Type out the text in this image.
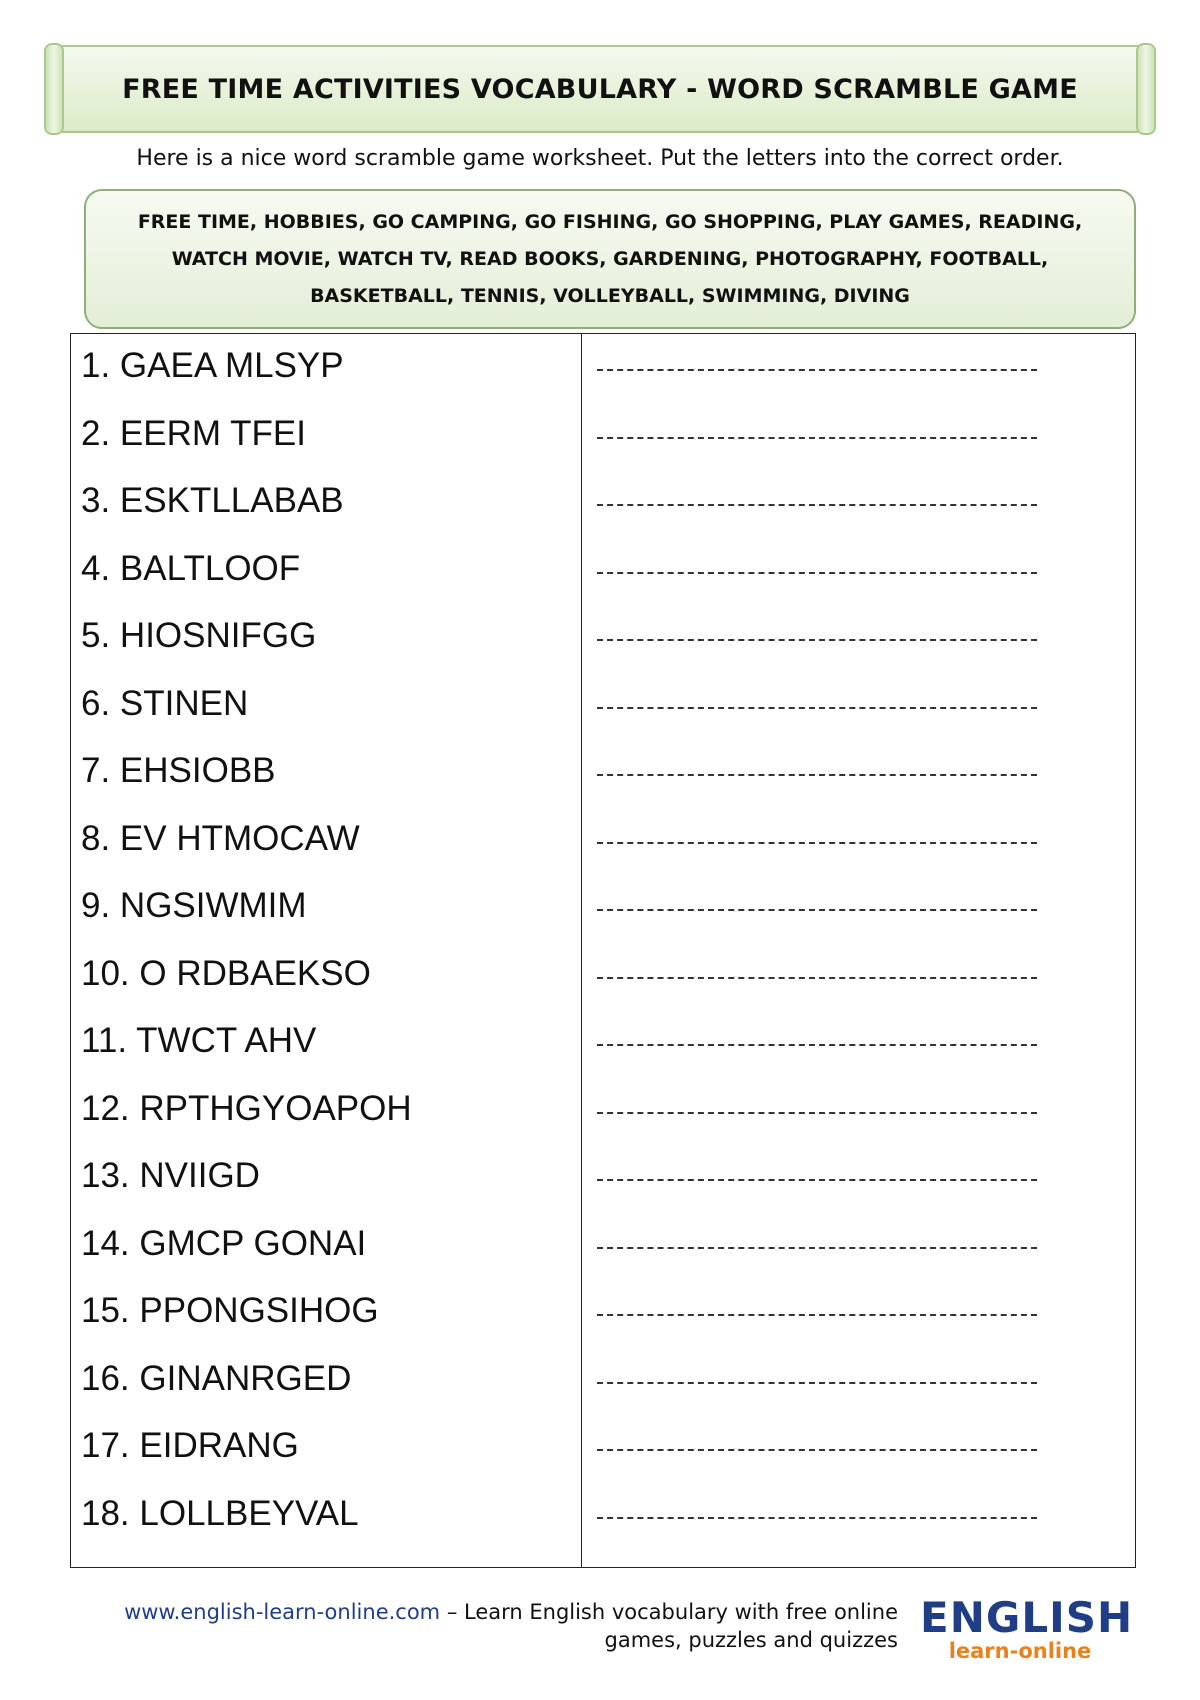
FREE TIME ACTIVITIES VOCABULARY - WORD SCRAMBLE GAME
Here is a nice word scramble game worksheet. Put the letters into the correct order.

FREE TIME, HOBBIES, GO CAMPING, GO FISHING, GO SHOPPING, PLAY GAMES, READING,
WATCH MOVIE, WATCH TV, READ BOOKS, GARDENING, PHOTOGRAPHY, FOOTBALL,
BASKETBALL, TENNIS, VOLLEYBALL, SWIMMING, DIVING

1. GAEA MLSYP
2. EERM TFEI
3. ESKTLLABAB
4. BALTLOOF
5. HIOSNIFGG
6. STINEN
7. EHSIOBB
8. EV HTMOCAW
9. NGSIWMIM
10. O RDBAEKSO
11. TWCT AHV
12. RPTHGYOAPOH
13. NVIIGD
14. GMCP GONAI
15. PPONGSIHOG
16. GINANRGED
17. EIDRANG
18. LOLLBEYVAL
www.english-learn-online.com – Learn English vocabulary with free online
games, puzzles and quizzes ENGLISH
learn-online
